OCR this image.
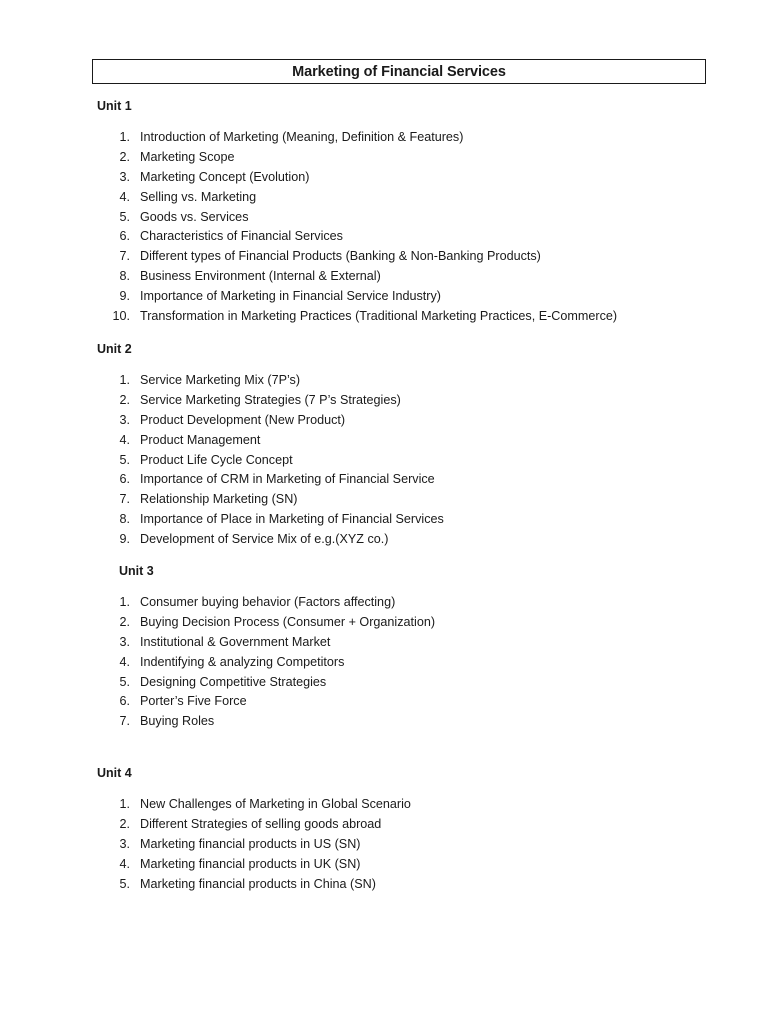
Marketing of Financial Services
Unit 1
1. Introduction of Marketing (Meaning, Definition & Features)
2. Marketing Scope
3. Marketing Concept (Evolution)
4. Selling vs. Marketing
5. Goods vs. Services
6. Characteristics of Financial Services
7. Different types of Financial Products (Banking & Non-Banking Products)
8. Business Environment (Internal & External)
9. Importance of Marketing in Financial Service Industry)
10. Transformation in Marketing Practices (Traditional Marketing Practices, E-Commerce)
Unit 2
1. Service Marketing Mix (7P’s)
2. Service Marketing Strategies (7 P’s Strategies)
3. Product Development (New Product)
4. Product Management
5. Product Life Cycle Concept
6. Importance of CRM in Marketing of Financial Service
7. Relationship Marketing (SN)
8. Importance of Place in Marketing of Financial Services
9. Development of Service Mix of e.g.(XYZ co.)
Unit 3
1. Consumer buying behavior (Factors affecting)
2. Buying Decision Process (Consumer + Organization)
3. Institutional & Government Market
4. Indentifying & analyzing Competitors
5. Designing Competitive Strategies
6. Porter’s Five Force
7. Buying Roles
Unit 4
1. New Challenges of Marketing in Global Scenario
2. Different Strategies of selling goods abroad
3. Marketing financial products in US (SN)
4. Marketing financial products in UK (SN)
5. Marketing financial products in China (SN)
